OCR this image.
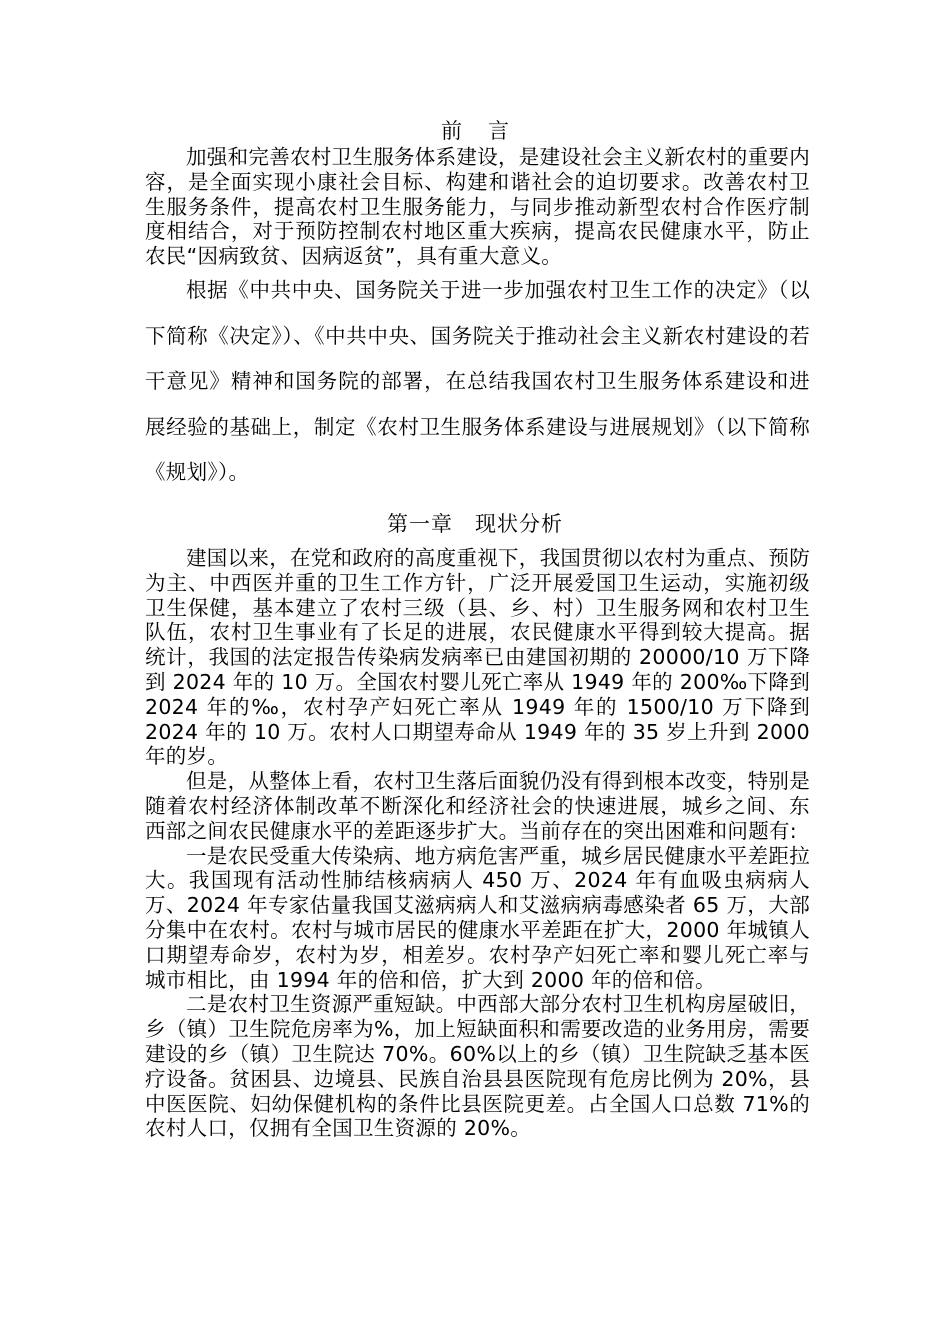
前言

加强和完善农村卫生服务体系建设，是建设社会主义新农村的重要内容，是全面实现小康社会目标、构建和谐社会的迫切要求。改善农村卫生服务条件，提高农村卫生服务能力，与同步推动新型农村合作医疗制度相结合，对于预防控制农村地区重大疾病，提高农民健康水平，防止农民“因病致贫、因病返贫”，具有重大意义。

根据《中共中央、国务院关于进一步加强农村卫生工作的决定》（以下简称《决定》）、《中共中央、国务院关于推动社会主义新农村建设的若干意见》精神和国务院的部署，在总结我国农村卫生服务体系建设和进展经验的基础上，制定《农村卫生服务体系建设与进展规划》（以下简称《规划》）。

第一章　现状分析

建国以来，在党和政府的高度重视下，我国贯彻以农村为重点、预防为主、中西医并重的卫生工作方针，广泛开展爱国卫生运动，实施初级卫生保健，基本建立了农村三级（县、乡、村）卫生服务网和农村卫生队伍，农村卫生事业有了长足的进展，农民健康水平得到较大提高。据统计，我国的法定报告传染病发病率已由建国初期的 20000/10 万下降到 2024 年的 10 万。全国农村婴儿死亡率从 1949 年的 200‰下降到 2024 年的‰，农村孕产妇死亡率从 1949 年的 1500/10 万下降到 2024 年的 10 万。农村人口期望寿命从 1949 年的 35 岁上升到 2000 年的岁。

但是，从整体上看，农村卫生落后面貌仍没有得到根本改变，特别是随着农村经济体制改革不断深化和经济社会的快速进展，城乡之间、东西部之间农民健康水平的差距逐步扩大。当前存在的突出困难和问题有:

一是农民受重大传染病、地方病危害严重，城乡居民健康水平差距拉大。我国现有活动性肺结核病病人 450 万、2024 年有血吸虫病病人万、2024 年专家估量我国艾滋病病人和艾滋病病毒感染者 65 万，大部分集中在农村。农村与城市居民的健康水平差距在扩大，2000 年城镇人口期望寿命岁，农村为岁，相差岁。农村孕产妇死亡率和婴儿死亡率与城市相比，由 1994 年的倍和倍，扩大到 2000 年的倍和倍。

二是农村卫生资源严重短缺。中西部大部分农村卫生机构房屋破旧，乡（镇）卫生院危房率为%，加上短缺面积和需要改造的业务用房，需要建设的乡（镇）卫生院达 70%。60%以上的乡（镇）卫生院缺乏基本医疗设备。贫困县、边境县、民族自治县县医院现有危房比例为 20%，县中医医院、妇幼保健机构的条件比县医院更差。占全国人口总数 71%的农村人口，仅拥有全国卫生资源的 20%。
